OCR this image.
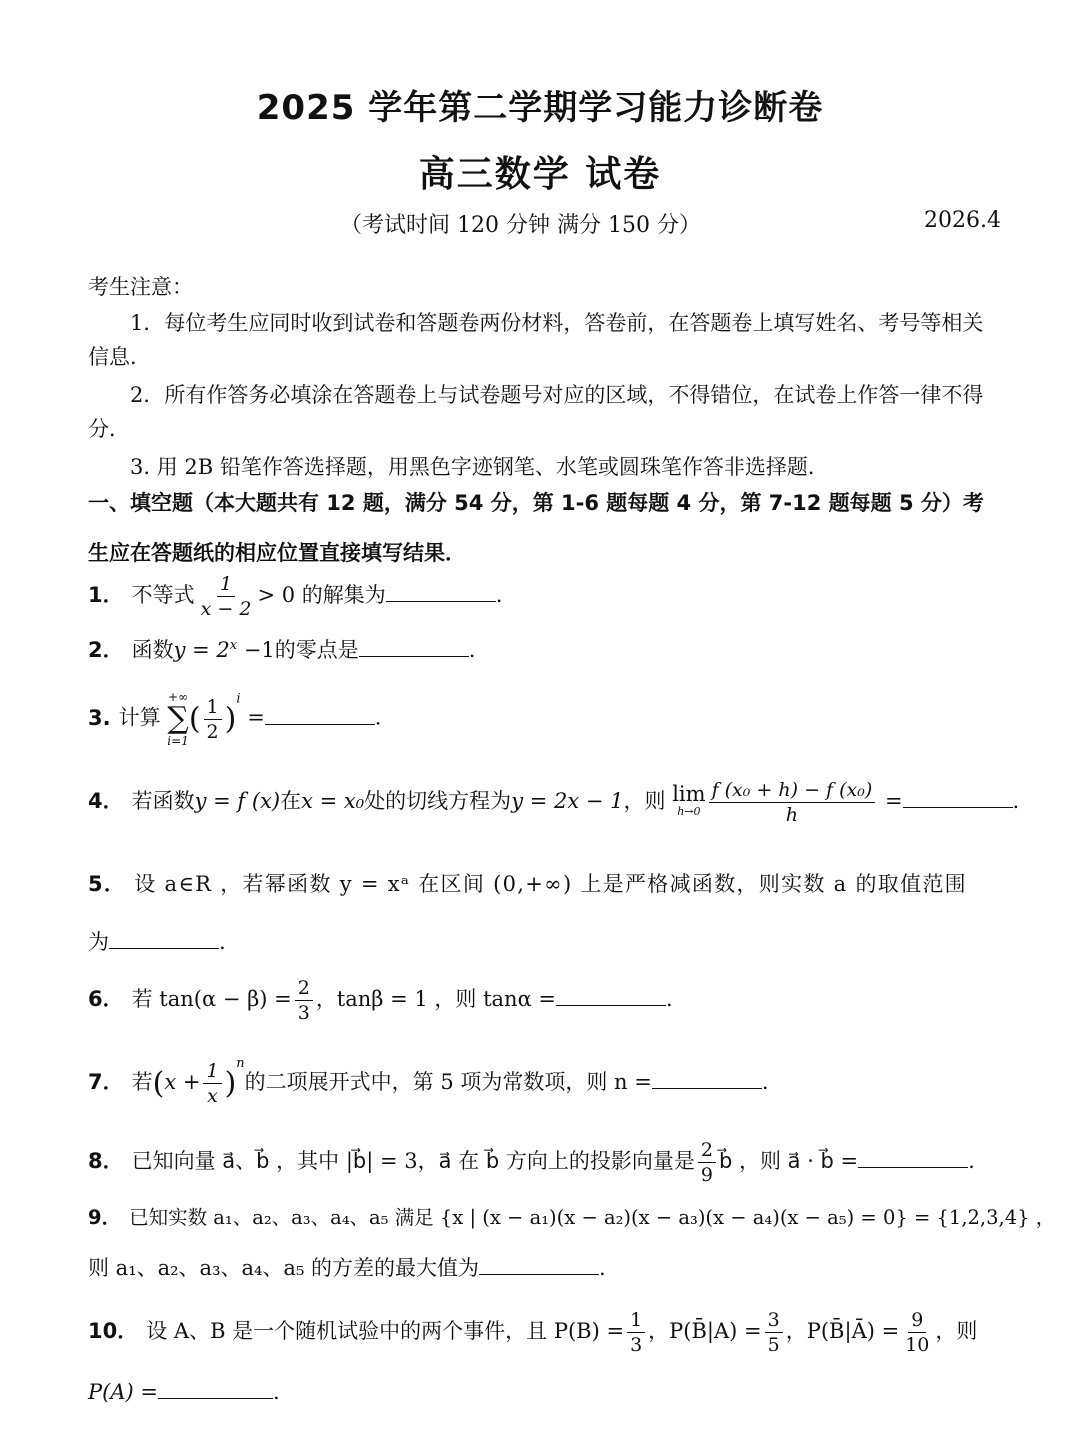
2025 学年第二学期学习能力诊断卷
高三数学 试卷
（考试时间 120 分钟 满分 150 分）	2026.4
考生注意：
1．每位考生应同时收到试卷和答题卷两份材料，答卷前，在答题卷上填写姓名、考号等相关信息．
2．所有作答务必填涂在答题卷上与试卷题号对应的区域，不得错位，在试卷上作答一律不得分．
3. 用 2B 铅笔作答选择题，用黑色字迹钢笔、水笔或圆珠笔作答非选择题．
一、填空题（本大题共有 12 题，满分 54 分，第 1-6 题每题 4 分，第 7-12 题每题 5 分）考生应在答题纸的相应位置直接填写结果．
1． 不等式 $\frac{1}{x - 2} > 0$ 的解集为	.
2． 函数$y = 2^x -1$的零点是	.
3. 计算
+∞
∑
i=1
( $\frac{1}{2} )^i$ =	.
4． 若函数y = f (x)在x = x₀处的切线方程为y = 2x − 1，则 lim
$h\to 0 \frac{\text{f (x₀ + h) − f (x₀)}}{h}$ =	.
5． 设 a∈R ，若幂函数 y = xᵃ 在区间 (0,+∞) 上是严格减函数，则实数 a 的取值范围
为	.
6． 若 $\tan(\alpha - \beta) = \frac{2}{3}$ ，tanβ = 1 ，则 tanα =	.
7． 若$(x + \frac{1}{x} )^n$的二项展开式中，第 5 项为常数项，则 n =	.
8． 已知向量 a⃗、b⃗ ，其中 |b⃗| = 3，a⃗ 在 b⃗ 方向上的投影向量是 $\frac{2}{9}$ b⃗ ，则 a⃗ · b⃗ =	.
9． 已知实数 a₁、a₂、a₃、a₄、a₅ 满足 {x | (x − a₁)(x − a₂)(x − a₃)(x − a₄)(x − a₅) = 0} = {1,2,3,4} ，
则 a₁、a₂、a₃、a₄、a₅ 的方差的最大值为	.
10． 设 A、B 是一个随机试验中的两个事件，且 $P(B) = \frac{1}{3}$ ，P(B̄|A) = $\frac{3}{5}$ ，P(B̄|Ā) = $\frac{9}{10}$ ，则
P(A) =	.
